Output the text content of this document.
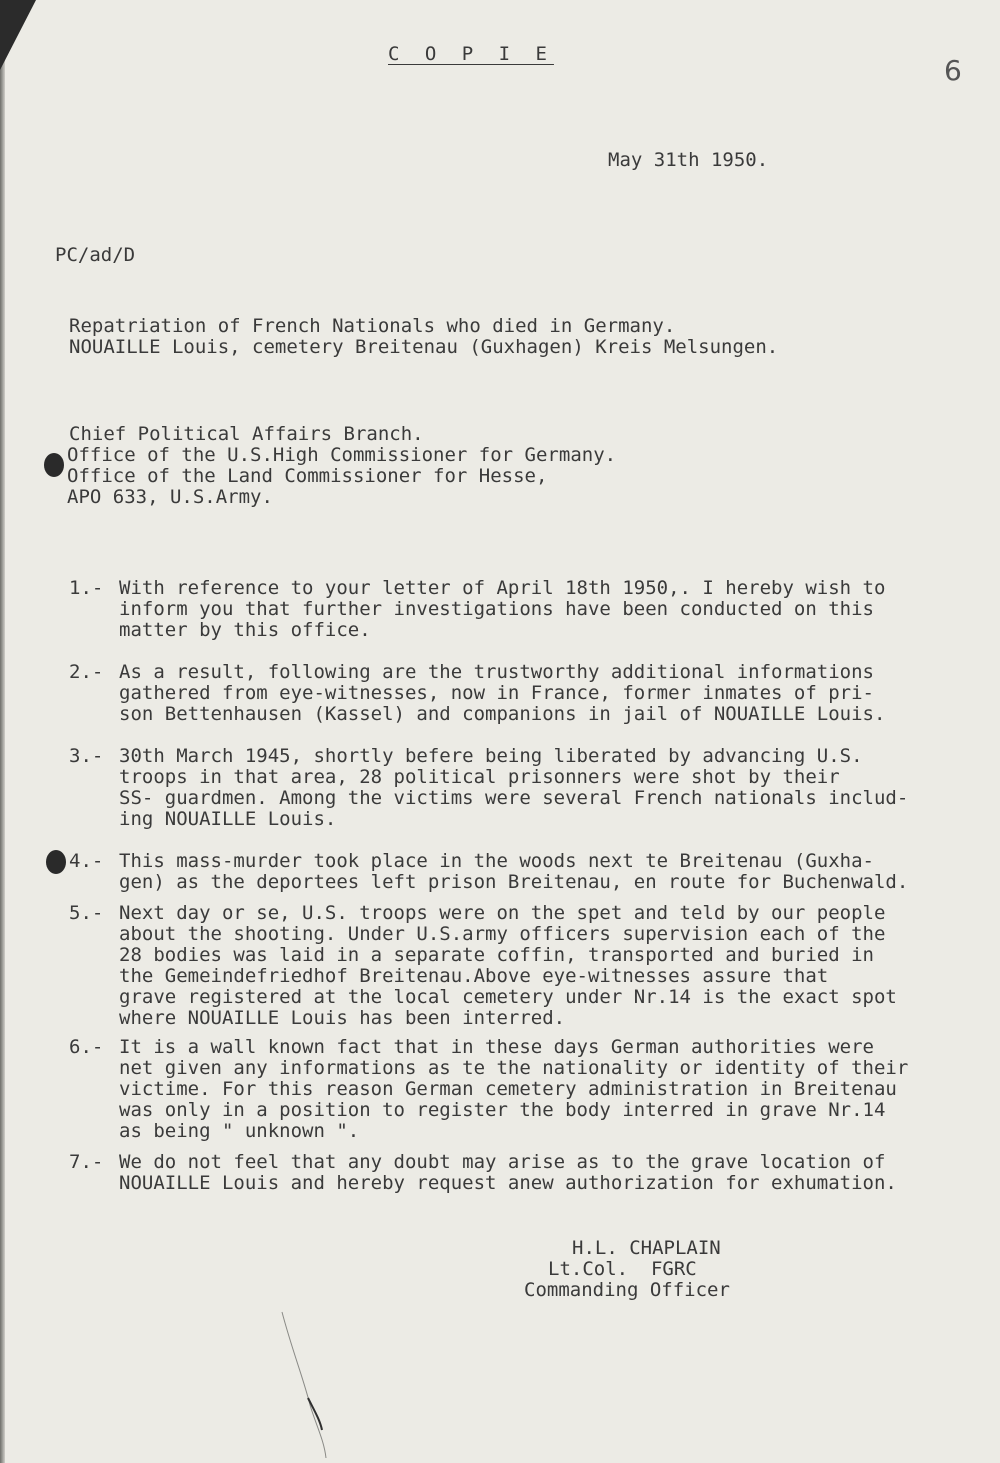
C O P I E	6
May 31th 1950.
PC/ad/D
Repatriation of French Nationals who died in Germany.
NOUAILLE Louis, cemetery Breitenau (Guxhagen) Kreis Melsungen.
Chief Political Affairs Branch.
Office of the U.S.High Commissioner for Germany.
Office of the Land Commissioner for Hesse,
APO 633, U.S.Army.
1.- With reference to your letter of April 18th 1950,. I hereby wish to
inform you that further investigations have been conducted on this
matter by this office.
2.- As a result, following are the trustworthy additional informations
gathered from eye-witnesses, now in France, former inmates of pri-
son Bettenhausen (Kassel) and companions in jail of NOUAILLE Louis.
3.- 30th March 1945, shortly befere being liberated by advancing U.S.
troops in that area, 28 political prisonners were shot by their
SS- guardmen. Among the victims were several French nationals includ-
ing NOUAILLE Louis.
4.- This mass-murder took place in the woods next te Breitenau (Guxha-
gen) as the deportees left prison Breitenau, en route for Buchenwald.
5.- Next day or se, U.S. troops were on the spet and teld by our people
about the shooting. Under U.S.army officers supervision each of the
28 bodies was laid in a separate coffin, transported and buried in
the Gemeindefriedhof Breitenau.Above eye-witnesses assure that
grave registered at the local cemetery under Nr.14 is the exact spot
where NOUAILLE Louis has been interred.
6.- It is a wall known fact that in these days German authorities were
net given any informations as te the nationality or identity of their
victime. For this reason German cemetery administration in Breitenau
was only in a position to register the body interred in grave Nr.14
as being " unknown ".
7.- We do not feel that any doubt may arise as to the grave location of
NOUAILLE Louis and hereby request anew authorization for exhumation.
H.L. CHAPLAIN
Lt.Col.  FGRC
Commanding Officer
